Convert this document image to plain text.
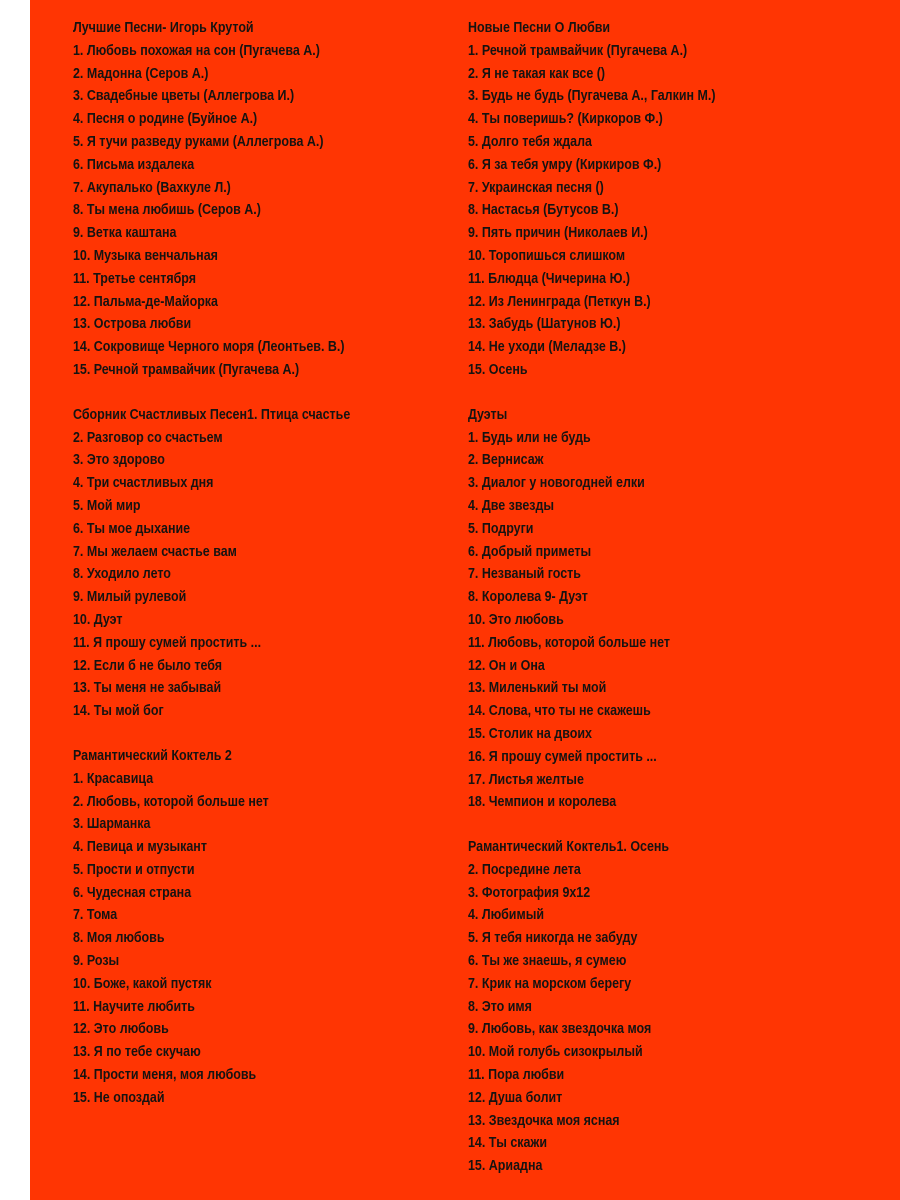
Лучшие Песни- Игорь Крутой
1. Любовь похожая на сон (Пугачева А.)
2. Мадонна (Серов А.)
3. Свадебные цветы (Аллегрова И.)
4. Песня о родине (Буйное А.)
5. Я тучи разведу руками (Аллегрова А.)
6. Письма издалека
7. Акупалько (Вахкуле Л.)
8. Ты мена любишь (Серов А.)
9. Ветка каштана
10. Музыка венчальная
11. Третье сентября
12. Пальма-де-Майорка
13. Острова любви
14. Сокровище Черного моря (Леонтьев. В.)
15. Речной трамвайчик (Пугачева А.)
Сборник Счастливых Песен1. Птица счастье
2. Разговор со счастьем
3. Это здорово
4. Три счастливых дня
5. Мой мир
6. Ты мое дыхание
7. Мы желаем счастье вам
8. Уходило лето
9. Милый рулевой
10. Дуэт
11. Я прошу сумей простить ...
12. Если б не было тебя
13. Ты меня не забывай
14. Ты мой бог
Рамантический Коктель 2
1. Красавица
2. Любовь, которой больше нет
3. Шарманка
4. Певица и музыкант
5. Прости и отпусти
6. Чудесная страна
7. Тома
8. Моя любовь
9. Розы
10. Боже, какой пустяк
11. Научите любить
12. Это любовь
13. Я по тебе скучаю
14. Прости меня, моя любовь
15. Не опоздай
Новые Песни О Любви
1. Речной трамвайчик (Пугачева А.)
2. Я не такая как все ()
3. Будь не будь (Пугачева А., Галкин М.)
4. Ты поверишь? (Киркоров Ф.)
5. Долго тебя ждала
6. Я за тебя умру (Киркиров Ф.)
7. Украинская песня ()
8. Настасья (Бутусов В.)
9. Пять причин (Николаев И.)
10. Торопишься слишком
11. Блюдца (Чичерина Ю.)
12. Из Ленинграда (Петкун В.)
13. Забудь (Шатунов Ю.)
14. Не уходи (Меладзе В.)
15. Осень
Дуэты
1. Будь или не будь
2. Вернисаж
3. Диалог у новогодней елки
4. Две звезды
5. Подруги
6. Добрый приметы
7. Незваный гость
8. Королева 9- Дуэт
10. Это любовь
11. Любовь, которой больше нет
12. Он и Она
13. Миленький ты мой
14. Слова, что ты не скажешь
15. Столик на двоих
16. Я прошу сумей простить ...
17. Листья желтые
18. Чемпион и королева
Рамантический Коктель1. Осень
2. Посредине лета
3. Фотография 9x12
4. Любимый
5. Я тебя никогда не забуду
6. Ты же знаешь, я сумею
7. Крик на морском берегу
8. Это имя
9. Любовь, как звездочка моя
10. Мой голубь сизокрылый
11. Пора любви
12. Душа болит
13. Звездочка моя ясная
14. Ты скажи
15. Ариадна
